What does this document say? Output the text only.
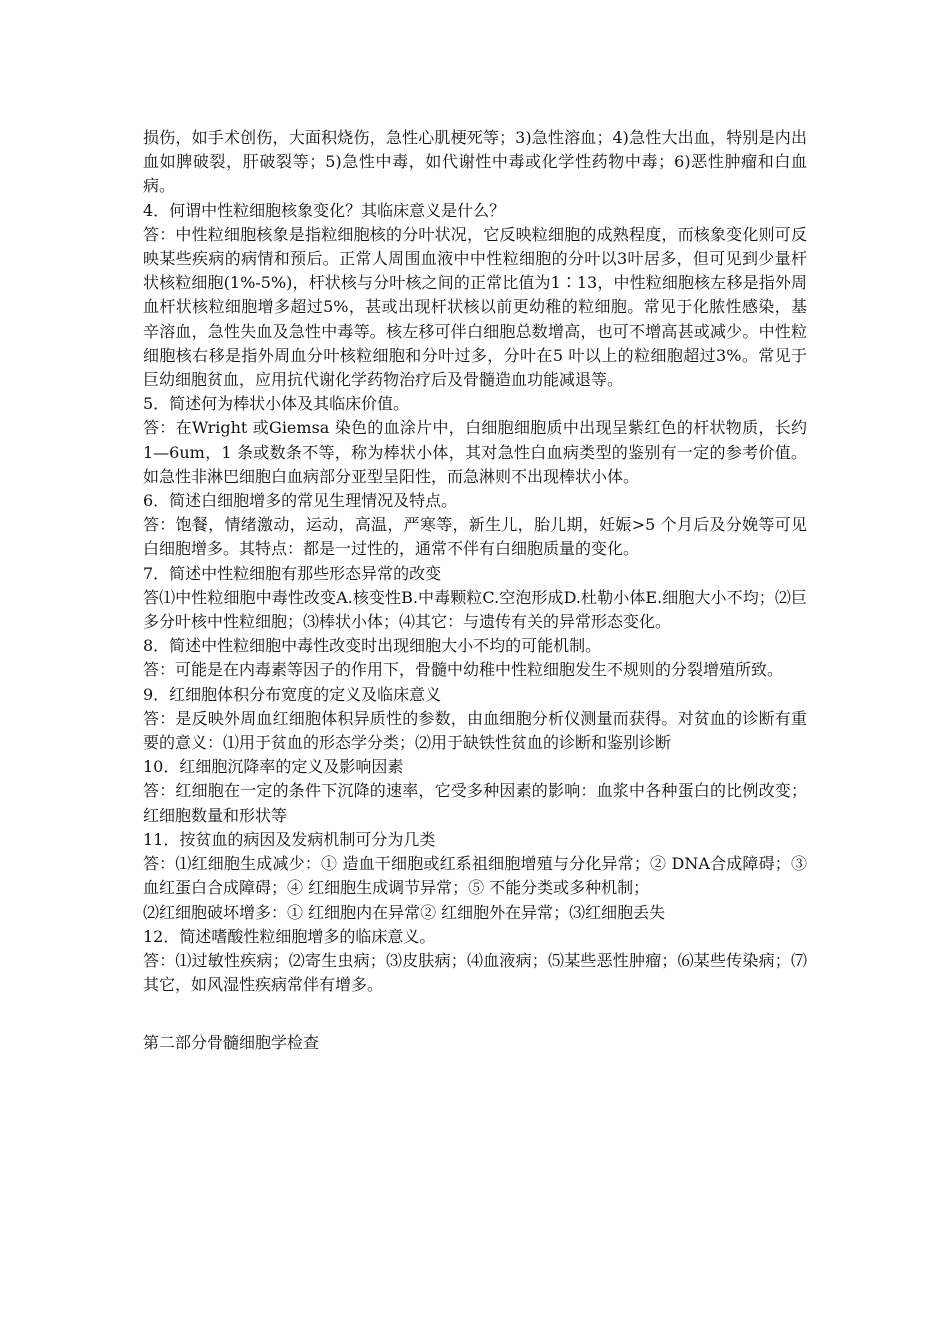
损伤，如手术创伤，大面积烧伤，急性心肌梗死等；3)急性溶血；4)急性大出血，特别是内出血如脾破裂，肝破裂等；5)急性中毒，如代谢性中毒或化学性药物中毒；6)恶性肿瘤和白血病。

4．何谓中性粒细胞核象变化？其临床意义是什么？

答：中性粒细胞核象是指粒细胞核的分叶状况，它反映粒细胞的成熟程度，而核象变化则可反映某些疾病的病情和预后。正常人周围血液中中性粒细胞的分叶以3叶居多，但可见到少量杆状核粒细胞(1%-5%)，杆状核与分叶核之间的正常比值为1∶13，中性粒细胞核左移是指外周血杆状核粒细胞增多超过5%，甚或出现杆状核以前更幼稚的粒细胞。常见于化脓性感染，基辛溶血，急性失血及急性中毒等。核左移可伴白细胞总数增高，也可不增高甚或减少。中性粒细胞核右移是指外周血分叶核粒细胞和分叶过多，分叶在5 叶以上的粒细胞超过3%。常见于巨幼细胞贫血，应用抗代谢化学药物治疗后及骨髓造血功能减退等。

5．简述何为棒状小体及其临床价值。

答：在Wright 或Giemsa 染色的血涂片中，白细胞细胞质中出现呈紫红色的杆状物质，长约1—6um，1 条或数条不等，称为棒状小体，其对急性白血病类型的鉴别有一定的参考价值。如急性非淋巴细胞白血病部分亚型呈阳性，而急淋则不出现棒状小体。

6．简述白细胞增多的常见生理情况及特点。

答：饱餐，情绪激动，运动，高温，严寒等，新生儿，胎儿期，妊娠>5 个月后及分娩等可见白细胞增多。其特点：都是一过性的，通常不伴有白细胞质量的变化。

7．简述中性粒细胞有那些形态异常的改变

答⑴中性粒细胞中毒性改变A.核变性B.中毒颗粒C.空泡形成D.杜勒小体E.细胞大小不均；⑵巨多分叶核中性粒细胞；⑶棒状小体；⑷其它：与遗传有关的异常形态变化。

8．简述中性粒细胞中毒性改变时出现细胞大小不均的可能机制。

答：可能是在内毒素等因子的作用下，骨髓中幼稚中性粒细胞发生不规则的分裂增殖所致。

9．红细胞体积分布宽度的定义及临床意义

答：是反映外周血红细胞体积异质性的参数，由血细胞分析仪测量而获得。对贫血的诊断有重要的意义：⑴用于贫血的形态学分类；⑵用于缺铁性贫血的诊断和鉴别诊断

10．红细胞沉降率的定义及影响因素

答：红细胞在一定的条件下沉降的速率，它受多种因素的影响：血浆中各种蛋白的比例改变；红细胞数量和形状等

11．按贫血的病因及发病机制可分为几类

答：⑴红细胞生成减少：① 造血干细胞或红系祖细胞增殖与分化异常；② DNA合成障碍；③ 血红蛋白合成障碍；④ 红细胞生成调节异常；⑤ 不能分类或多种机制；

⑵红细胞破坏增多：① 红细胞内在异常② 红细胞外在异常；⑶红细胞丢失

12．简述嗜酸性粒细胞增多的临床意义。

答：⑴过敏性疾病；⑵寄生虫病；⑶皮肤病；⑷血液病；⑸某些恶性肿瘤；⑹某些传染病；⑺其它，如风湿性疾病常伴有增多。

第二部分骨髓细胞学检查
